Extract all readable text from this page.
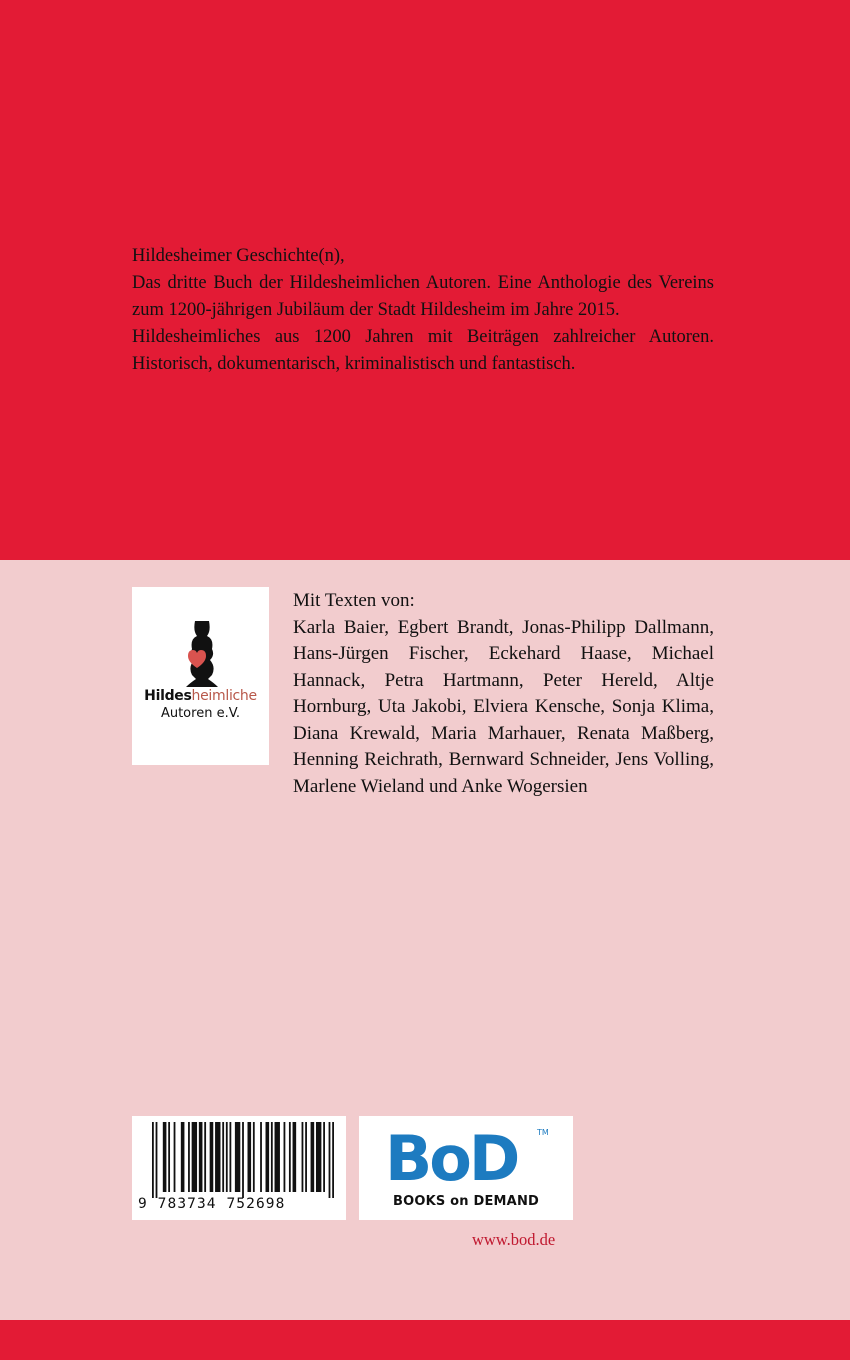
Hildesheimer Geschichte(n),

Das dritte Buch der Hildesheimlichen Autoren. Eine Anthologie des Vereins zum 1200-jährigen Jubiläum der Stadt Hildesheim im Jahre 2015.

Hildesheimliches aus 1200 Jahren mit Beiträgen zahlreicher Autoren. Historisch, dokumentarisch, kriminalistisch und fantastisch.

Hildesheimliche
Autoren e.V.

Mit Texten von:

Karla Baier, Egbert Brandt, Jonas-Philipp Dallmann, Hans-Jürgen Fischer, Eckehard Haase, Michael Hannack, Petra Hartmann, Peter Hereld, Altje Hornburg, Uta Jakobi, Elviera Kensche, Sonja Klima, Diana Krewald, Maria Marhauer, Renata Maßberg, Henning Reichrath, Bernward Schneider, Jens Volling, Marlene Wieland und Anke Wogersien

9 783734 752698
BoD TM
BOOKS on DEMAND
www.bod.de
